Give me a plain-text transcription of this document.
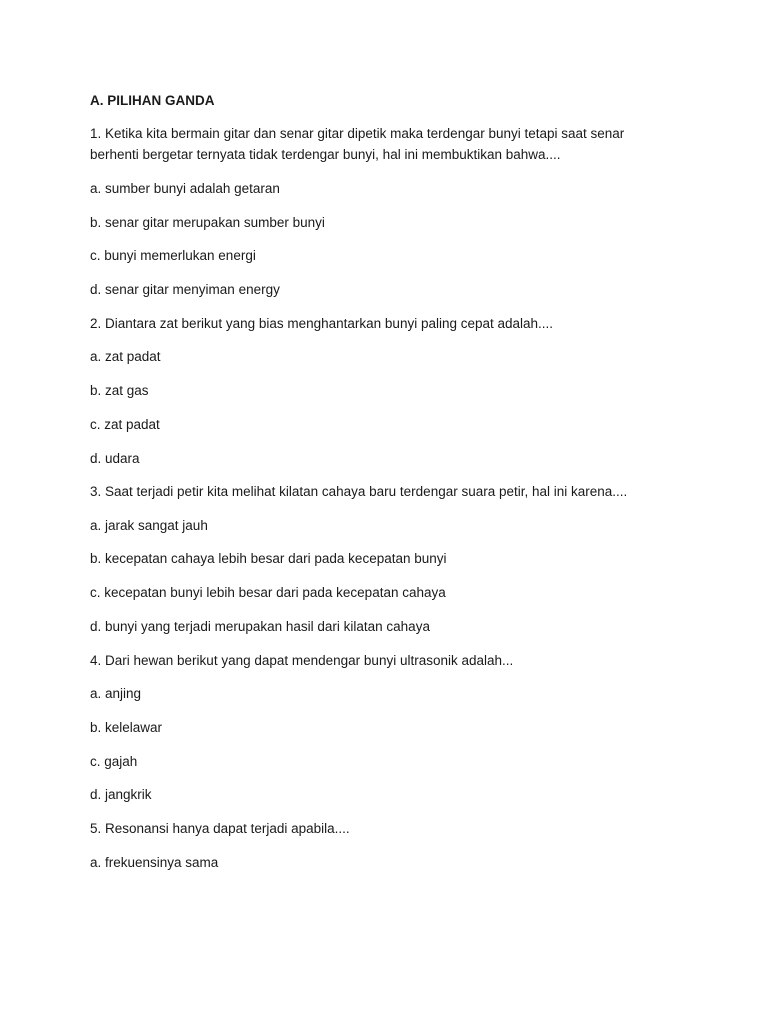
A. PILIHAN GANDA
1. Ketika kita bermain gitar dan senar gitar dipetik maka terdengar bunyi tetapi saat senar
berhenti bergetar ternyata tidak terdengar bunyi, hal ini membuktikan bahwa....
a. sumber bunyi adalah getaran
b. senar gitar merupakan sumber bunyi
c. bunyi memerlukan energi
d. senar gitar menyiman energy
2. Diantara zat berikut yang bias menghantarkan bunyi paling cepat adalah....
a. zat padat
b. zat gas
c. zat padat
d. udara
3. Saat terjadi petir kita melihat kilatan cahaya baru terdengar suara petir, hal ini karena....
a. jarak sangat jauh
b. kecepatan cahaya lebih besar dari pada kecepatan bunyi
c. kecepatan bunyi lebih besar dari pada kecepatan cahaya
d. bunyi yang terjadi merupakan hasil dari kilatan cahaya
4. Dari hewan berikut yang dapat mendengar bunyi ultrasonik adalah...
a. anjing
b. kelelawar
c. gajah
d. jangkrik
5. Resonansi hanya dapat terjadi apabila....
a. frekuensinya sama
